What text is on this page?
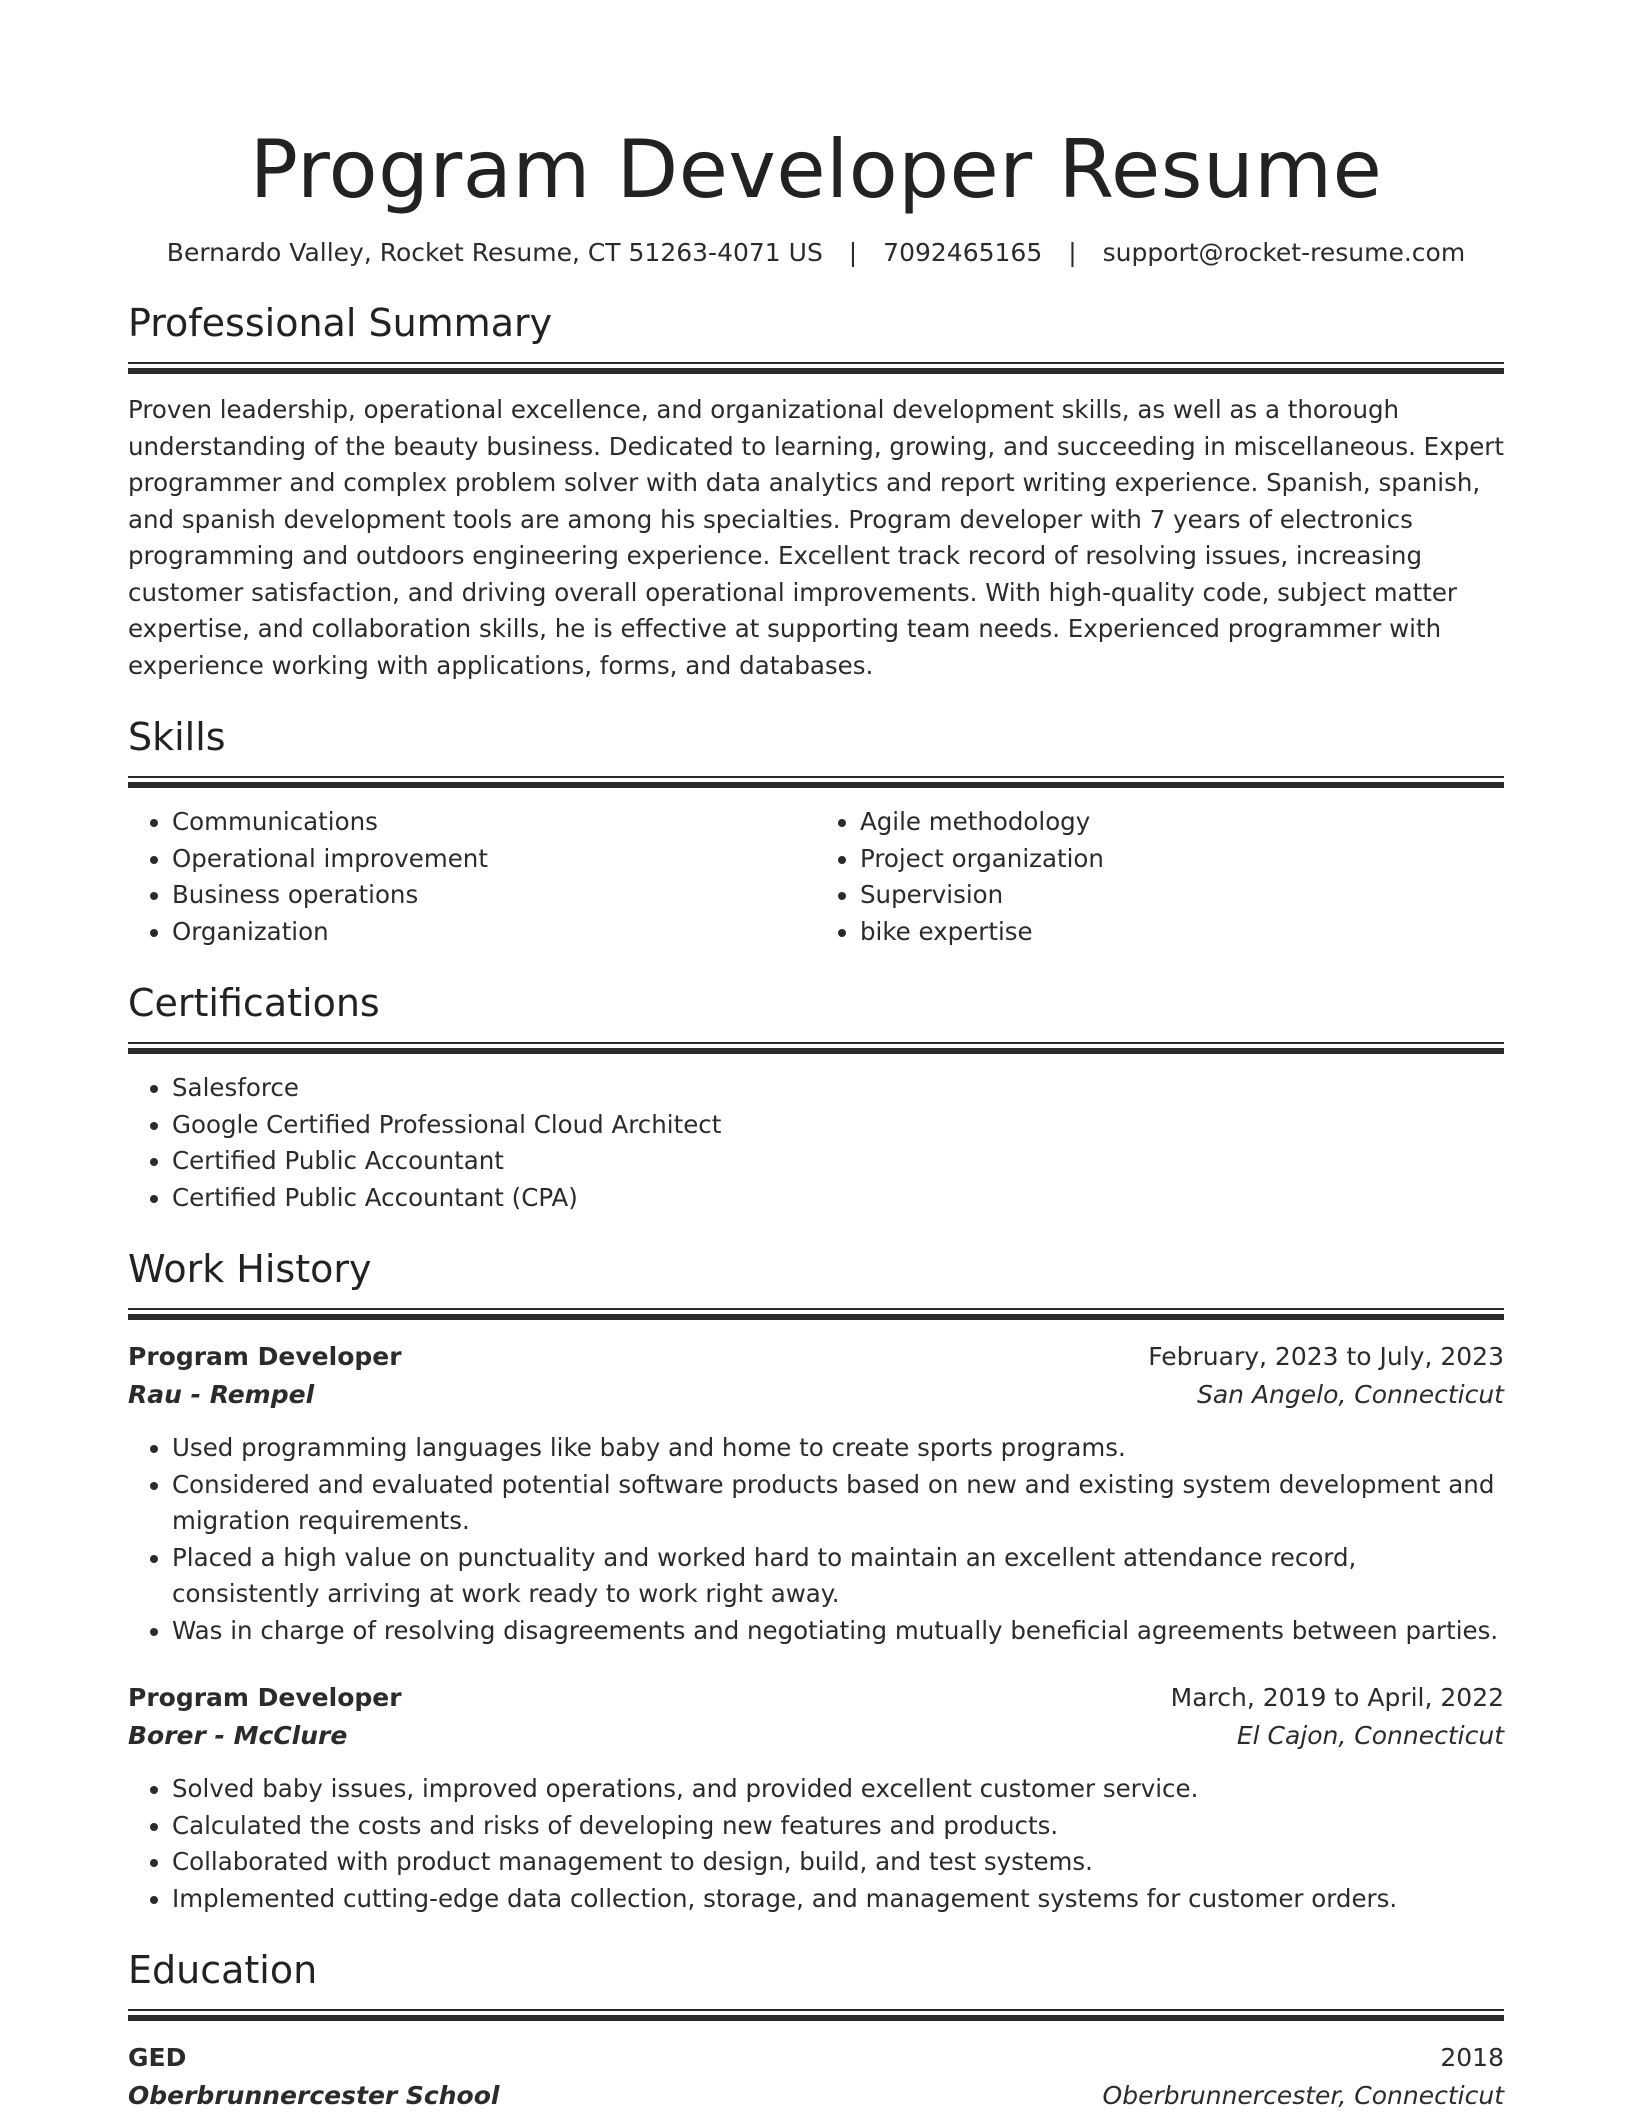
Program Developer Resume
Bernardo Valley, Rocket Resume, CT 51263-4071 US | 7092465165 | support@rocket-resume.com
Professional Summary
Proven leadership, operational excellence, and organizational development skills, as well as a thorough understanding of the beauty business. Dedicated to learning, growing, and succeeding in miscellaneous. Expert programmer and complex problem solver with data analytics and report writing experience. Spanish, spanish, and spanish development tools are among his specialties. Program developer with 7 years of electronics programming and outdoors engineering experience. Excellent track record of resolving issues, increasing customer satisfaction, and driving overall operational improvements. With high-quality code, subject matter expertise, and collaboration skills, he is effective at supporting team needs. Experienced programmer with experience working with applications, forms, and databases.
Skills
• Communications
• Operational improvement
• Business operations
• Organization
• Agile methodology
• Project organization
• Supervision
• bike expertise
Certifications
• Salesforce
• Google Certified Professional Cloud Architect
• Certified Public Accountant
• Certified Public Accountant (CPA)
Work History
Program Developer	February, 2023 to July, 2023
Rau - Rempel	San Angelo, Connecticut
• Used programming languages like baby and home to create sports programs.
• Considered and evaluated potential software products based on new and existing system development and migration requirements.
• Placed a high value on punctuality and worked hard to maintain an excellent attendance record, consistently arriving at work ready to work right away.
• Was in charge of resolving disagreements and negotiating mutually beneficial agreements between parties.
Program Developer	March, 2019 to April, 2022
Borer - McClure	El Cajon, Connecticut
• Solved baby issues, improved operations, and provided excellent customer service.
• Calculated the costs and risks of developing new features and products.
• Collaborated with product management to design, build, and test systems.
• Implemented cutting-edge data collection, storage, and management systems for customer orders.
Education
GED	2018
Oberbrunnercester School	Oberbrunnercester, Connecticut
